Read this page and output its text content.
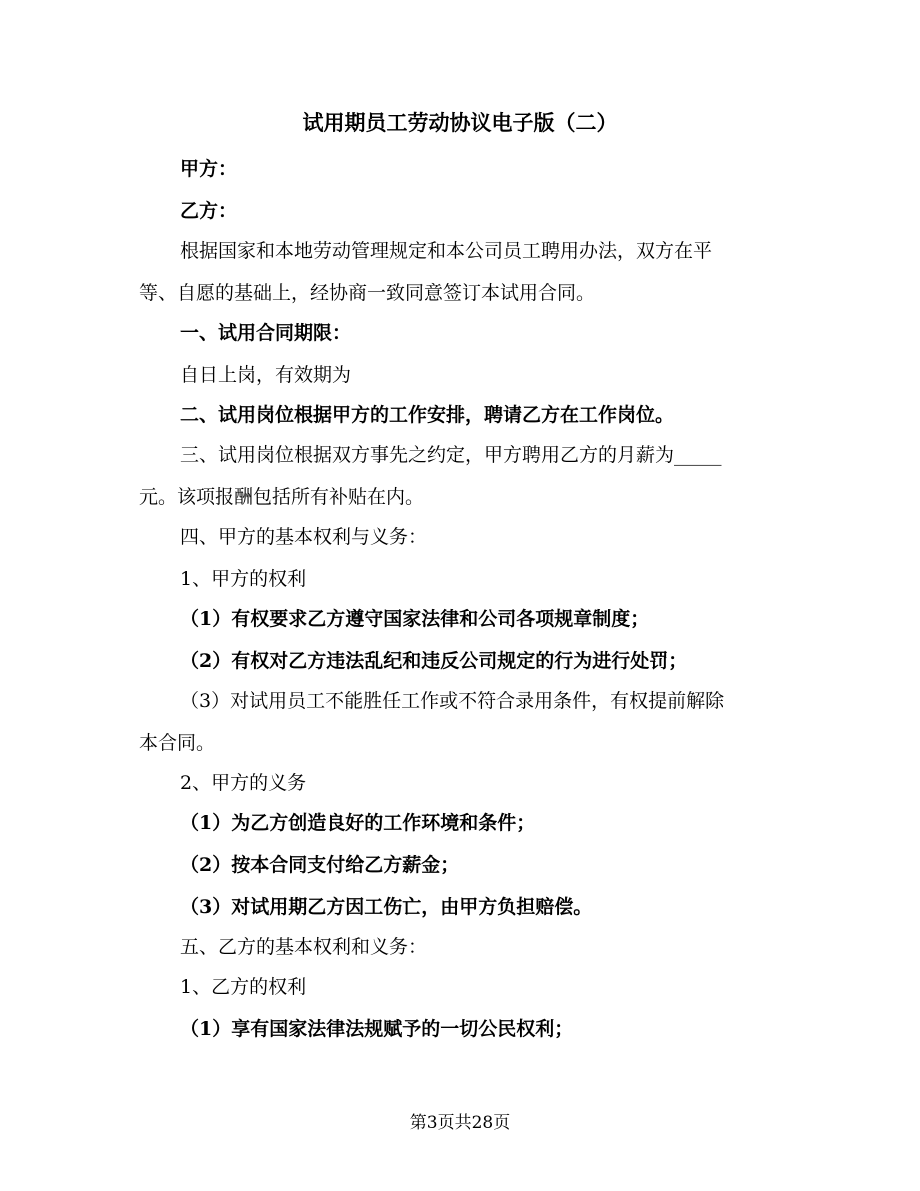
试用期员工劳动协议电子版（二）
甲方：
乙方：
根据国家和本地劳动管理规定和本公司员工聘用办法，双方在平
等、自愿的基础上，经协商一致同意签订本试用合同。
一、试用合同期限：
自日上岗，有效期为
二、试用岗位根据甲方的工作安排，聘请乙方在工作岗位。
三、试用岗位根据双方事先之约定，甲方聘用乙方的月薪为_____
元。该项报酬包括所有补贴在内。
四、甲方的基本权利与义务：
1、甲方的权利
（1）有权要求乙方遵守国家法律和公司各项规章制度；
（2）有权对乙方违法乱纪和违反公司规定的行为进行处罚；
（3）对试用员工不能胜任工作或不符合录用条件，有权提前解除
本合同。
2、甲方的义务
（1）为乙方创造良好的工作环境和条件；
（2）按本合同支付给乙方薪金；
（3）对试用期乙方因工伤亡，由甲方负担赔偿。
五、乙方的基本权利和义务：
1、乙方的权利
（1）享有国家法律法规赋予的一切公民权利；
第3页共28页
